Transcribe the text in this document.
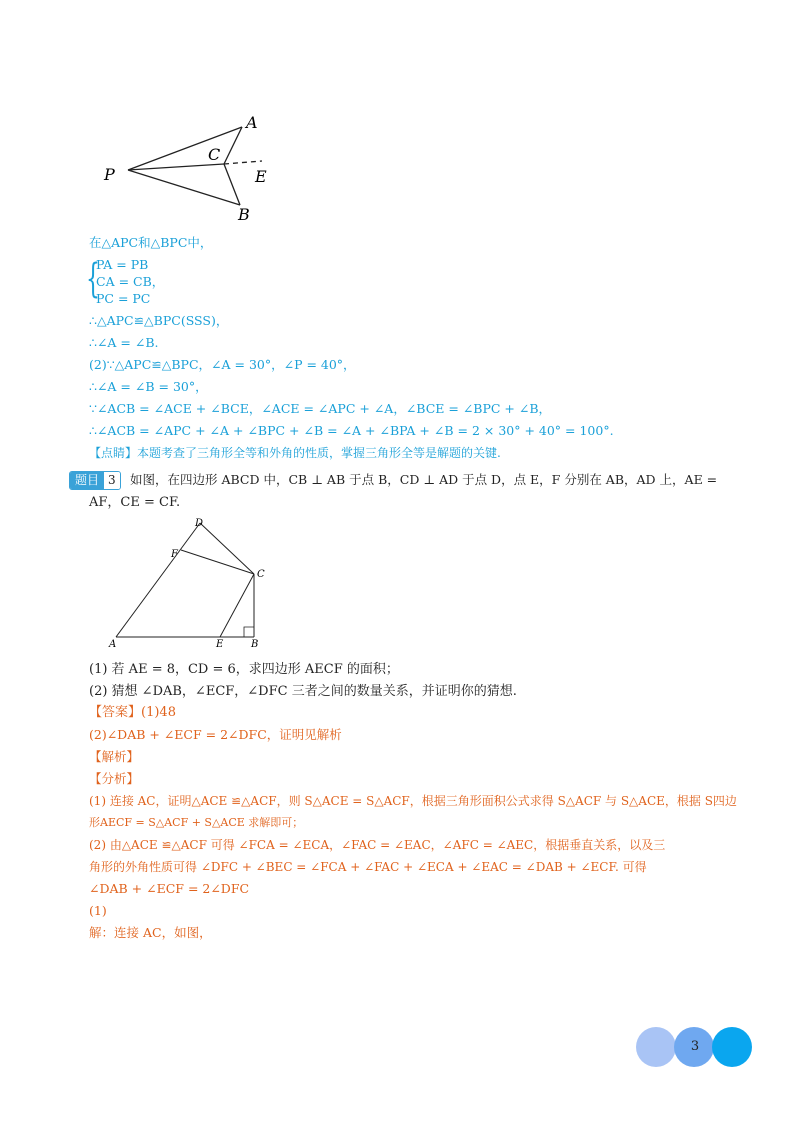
A
C
P	E
B
在△APC和△BPC中，
{
PA = PB
CA = CB，
PC = PC
∴△APC≌△BPC(SSS)，
∴∠A = ∠B.
(2)∵△APC≌△BPC，∠A = 30°，∠P = 40°，
∴∠A = ∠B = 30°，
∵∠ACB = ∠ACE + ∠BCE，∠ACE = ∠APC + ∠A，∠BCE = ∠BPC + ∠B，
∴∠ACB = ∠APC + ∠A + ∠BPC + ∠B = ∠A + ∠BPA + ∠B = 2 × 30° + 40° = 100°.
【点睛】本题考查了三角形全等和外角的性质，掌握三角形全等是解题的关键.
题目 3	如图，在四边形 ABCD 中，CB ⊥ AB 于点 B，CD ⊥ AD 于点 D，点 E，F 分别在 AB，AD 上，AE =
AF，CE = CF.
D
F
C
A	E	B
(1) 若 AE = 8，CD = 6，求四边形 AECF 的面积；
(2) 猜想 ∠DAB，∠ECF，∠DFC 三者之间的数量关系，并证明你的猜想.
【答案】(1)48
(2)∠DAB + ∠ECF = 2∠DFC，证明见解析
【解析】
【分析】
(1) 连接 AC，证明△ACE ≌△ACF，则 S△ACE = S△ACF，根据三角形面积公式求得 S△ACF 与 S△ACE，根据 S四边
形AECF = S△ACF + S△ACE 求解即可；
(2) 由△ACE ≌△ACF 可得 ∠FCA = ∠ECA，∠FAC = ∠EAC，∠AFC = ∠AEC，根据垂直关系，以及三
角形的外角性质可得 ∠DFC + ∠BEC = ∠FCA + ∠FAC + ∠ECA + ∠EAC = ∠DAB + ∠ECF. 可得
∠DAB + ∠ECF = 2∠DFC
(1)
解：连接 AC，如图，
3
